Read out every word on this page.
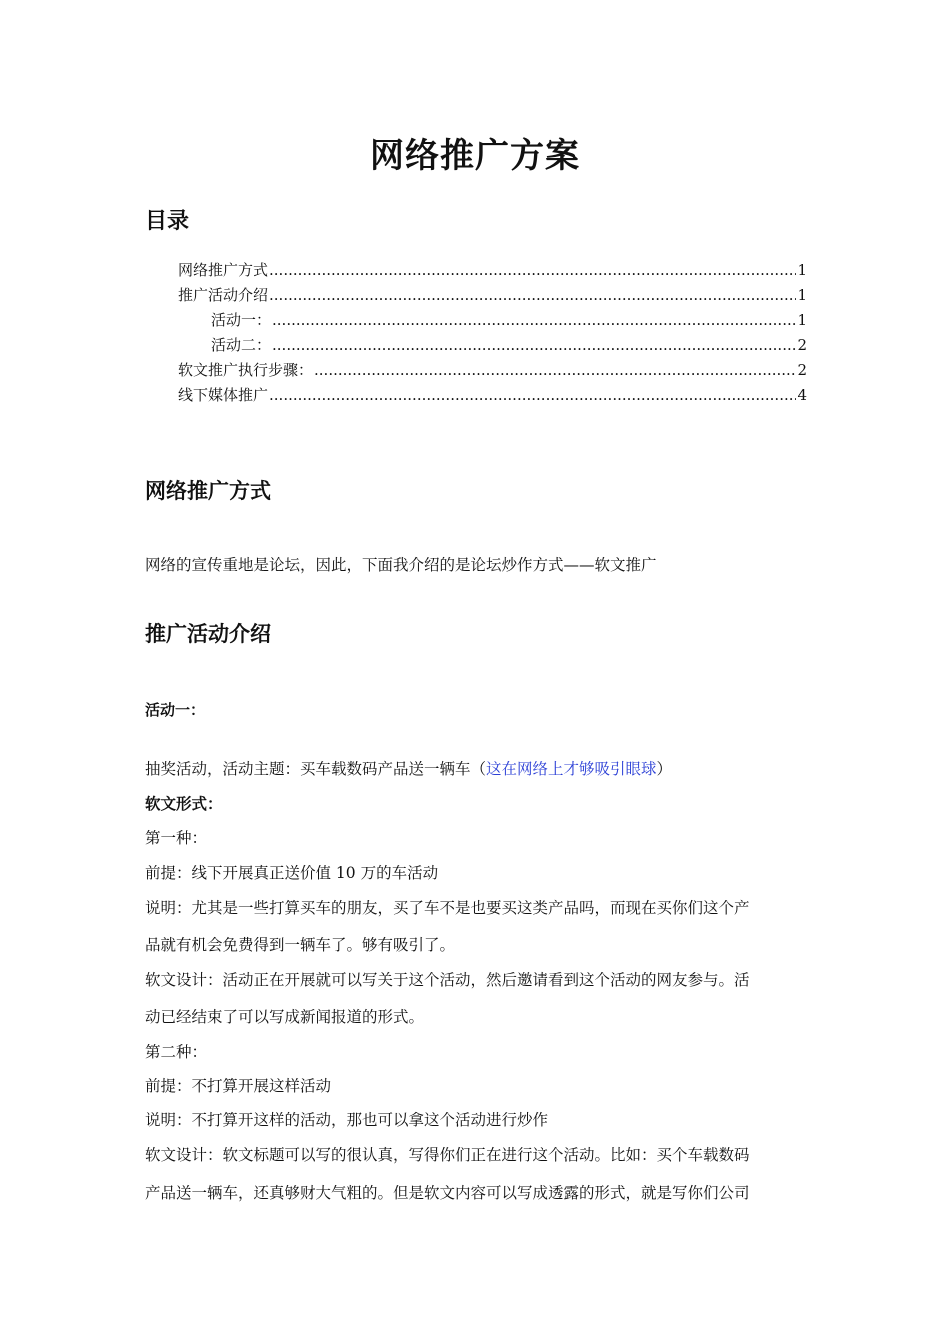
网络推广方案
目录
网络推广方式 .....	1
推广活动介绍 .....	1
活动一： .....	1
活动二： .....	2
软文推广执行步骤： .....	2
线下媒体推广 .....	4
网络推广方式
网络的宣传重地是论坛，因此，下面我介绍的是论坛炒作方式——软文推广
推广活动介绍
活动一：
抽奖活动，活动主题：买车载数码产品送一辆车（这在网络上才够吸引眼球）
软文形式：
第一种：
前提：线下开展真正送价值 10 万的车活动
说明：尤其是一些打算买车的朋友，买了车不是也要买这类产品吗，而现在买你们这个产
品就有机会免费得到一辆车了。够有吸引了。
软文设计：活动正在开展就可以写关于这个活动，然后邀请看到这个活动的网友参与。活
动已经结束了可以写成新闻报道的形式。
第二种：
前提：不打算开展这样活动
说明：不打算开这样的活动，那也可以拿这个活动进行炒作
软文设计：软文标题可以写的很认真，写得你们正在进行这个活动。比如：买个车载数码
产品送一辆车，还真够财大气粗的。但是软文内容可以写成透露的形式，就是写你们公司
